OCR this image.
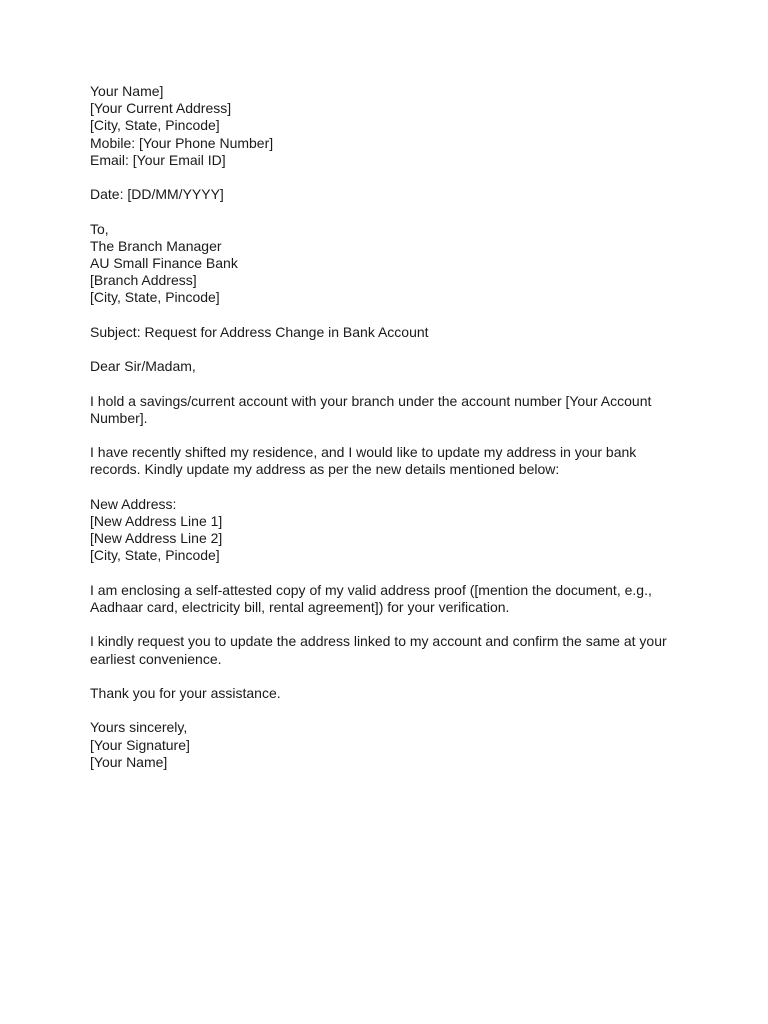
Your Name]
[Your Current Address]
[City, State, Pincode]
Mobile: [Your Phone Number]
Email: [Your Email ID]
Date: [DD/MM/YYYY]
To,
The Branch Manager
AU Small Finance Bank
[Branch Address]
[City, State, Pincode]
Subject: Request for Address Change in Bank Account
Dear Sir/Madam,
I hold a savings/current account with your branch under the account number [Your Account Number].
I have recently shifted my residence, and I would like to update my address in your bank records. Kindly update my address as per the new details mentioned below:
New Address:
[New Address Line 1]
[New Address Line 2]
[City, State, Pincode]
I am enclosing a self-attested copy of my valid address proof ([mention the document, e.g., Aadhaar card, electricity bill, rental agreement]) for your verification.
I kindly request you to update the address linked to my account and confirm the same at your earliest convenience.
Thank you for your assistance.
Yours sincerely,
[Your Signature]
[Your Name]
